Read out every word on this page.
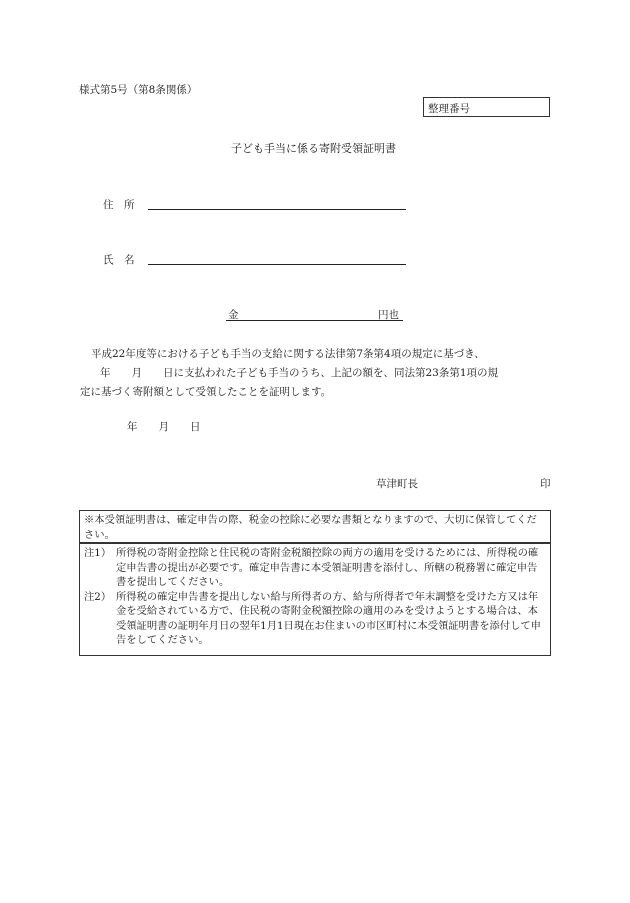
様式第5号（第8条関係）
整理番号
子ども手当に係る寄附受領証明書
住　所
氏　名
金	円也
平成22年度等における子ども手当の支給に関する法律第7条第4項の規定に基づき、
年　　月　　日に支払われた子ども手当のうち、上記の額を、同法第23条第1項の規
定に基づく寄附額として受領したことを証明します。
年　　月　　日
草津町長	印
※本受領証明書は、確定申告の際、税金の控除に必要な書類となりますので、大切に保管してください。
注1） 所得税の寄附金控除と住民税の寄附金税額控除の両方の適用を受けるためには、所得税の確定申告書の提出が必要です。確定申告書に本受領証明書を添付し、所轄の税務署に確定申告書を提出してください。
注2） 所得税の確定申告書を提出しない給与所得者の方、給与所得者で年末調整を受けた方又は年金を受給されている方で、住民税の寄附金税額控除の適用のみを受けようとする場合は、本受領証明書の証明年月日の翌年1月1日現在お住まいの市区町村に本受領証明書を添付して申告をしてください。
